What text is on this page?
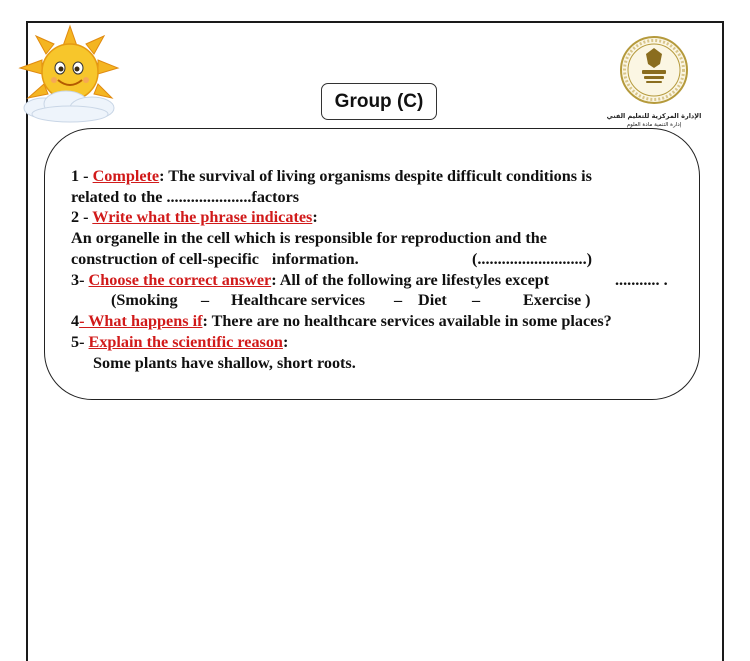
الإدارة المركزية للتعليم الفني
إدارة التنمية مادة العلوم
Group (C)
1 - Complete: The survival of living organisms despite difficult conditions is
related to the .....................factors
2 - Write what the phrase indicates:
An organelle in the cell which is responsible for reproduction and the
construction of cell-specific information.	(...........................)
3- Choose the correct answer: All of the following are lifestyles except	........... .
(Smoking – Healthcare services – Diet –	Exercise )
4- What happens if: There are no healthcare services available in some places?
5- Explain the scientific reason:
Some plants have shallow, short roots.
